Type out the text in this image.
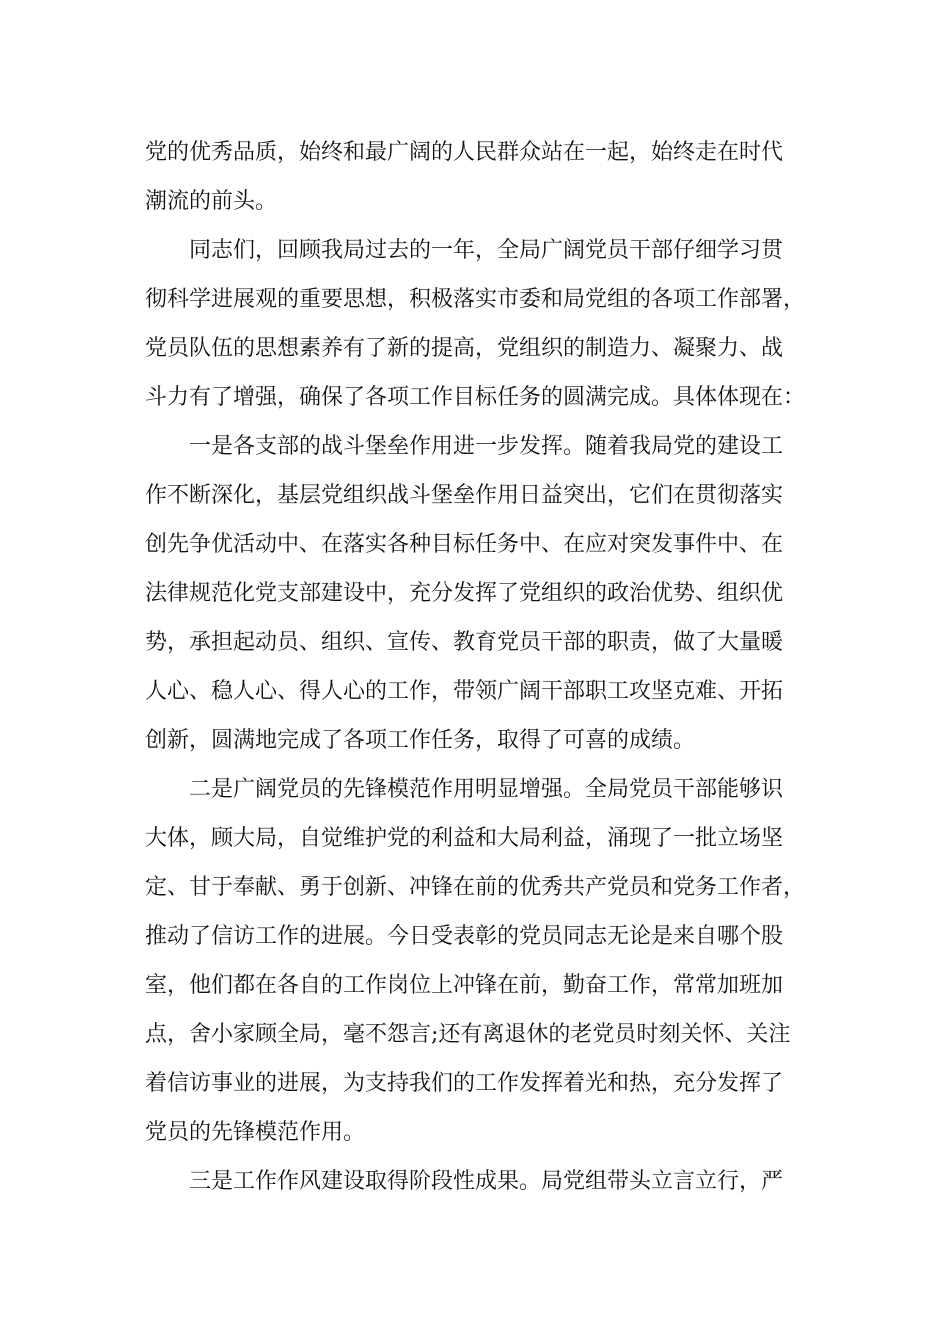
党的优秀品质，始终和最广阔的人民群众站在一起，始终走在时代
潮流的前头。
　　同志们，回顾我局过去的一年，全局广阔党员干部仔细学习贯
彻科学进展观的重要思想，积极落实市委和局党组的各项工作部署，
党员队伍的思想素养有了新的提高，党组织的制造力、凝聚力、战
斗力有了增强，确保了各项工作目标任务的圆满完成。具体体现在：
　　一是各支部的战斗堡垒作用进一步发挥。随着我局党的建设工
作不断深化，基层党组织战斗堡垒作用日益突出，它们在贯彻落实
创先争优活动中、在落实各种目标任务中、在应对突发事件中、在
法律规范化党支部建设中，充分发挥了党组织的政治优势、组织优
势，承担起动员、组织、宣传、教育党员干部的职责，做了大量暖
人心、稳人心、得人心的工作，带领广阔干部职工攻坚克难、开拓
创新，圆满地完成了各项工作任务，取得了可喜的成绩。
　　二是广阔党员的先锋模范作用明显增强。全局党员干部能够识
大体，顾大局，自觉维护党的利益和大局利益，涌现了一批立场坚
定、甘于奉献、勇于创新、冲锋在前的优秀共产党员和党务工作者，
推动了信访工作的进展。今日受表彰的党员同志无论是来自哪个股
室，他们都在各自的工作岗位上冲锋在前，勤奋工作，常常加班加
点，舍小家顾全局，毫不怨言;还有离退休的老党员时刻关怀、关注
着信访事业的进展，为支持我们的工作发挥着光和热，充分发挥了
党员的先锋模范作用。
　　三是工作作风建设取得阶段性成果。局党组带头立言立行，严
